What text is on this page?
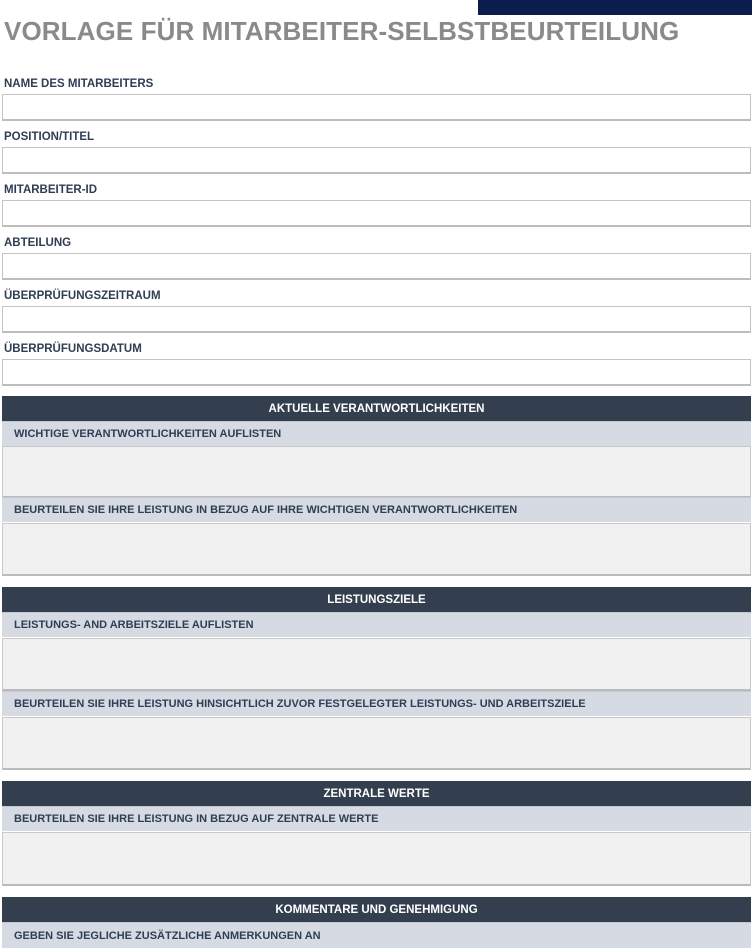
VORLAGE FÜR MITARBEITER-SELBSTBEURTEILUNG
NAME DES MITARBEITERS
POSITION/TITEL
MITARBEITER-ID
ABTEILUNG
ÜBERPRÜFUNGSZEITRAUM
ÜBERPRÜFUNGSDATUM
AKTUELLE VERANTWORTLICHKEITEN
WICHTIGE VERANTWORTLICHKEITEN AUFLISTEN
BEURTEILEN SIE IHRE LEISTUNG IN BEZUG AUF IHRE WICHTIGEN VERANTWORTLICHKEITEN
LEISTUNGSZIELE
LEISTUNGS- AND ARBEITSZIELE AUFLISTEN
BEURTEILEN SIE IHRE LEISTUNG HINSICHTLICH ZUVOR FESTGELEGTER LEISTUNGS- UND ARBEITSZIELE
ZENTRALE WERTE
BEURTEILEN SIE IHRE LEISTUNG IN BEZUG AUF ZENTRALE WERTE
KOMMENTARE UND GENEHMIGUNG
GEBEN SIE JEGLICHE ZUSÄTZLICHE ANMERKUNGEN AN
